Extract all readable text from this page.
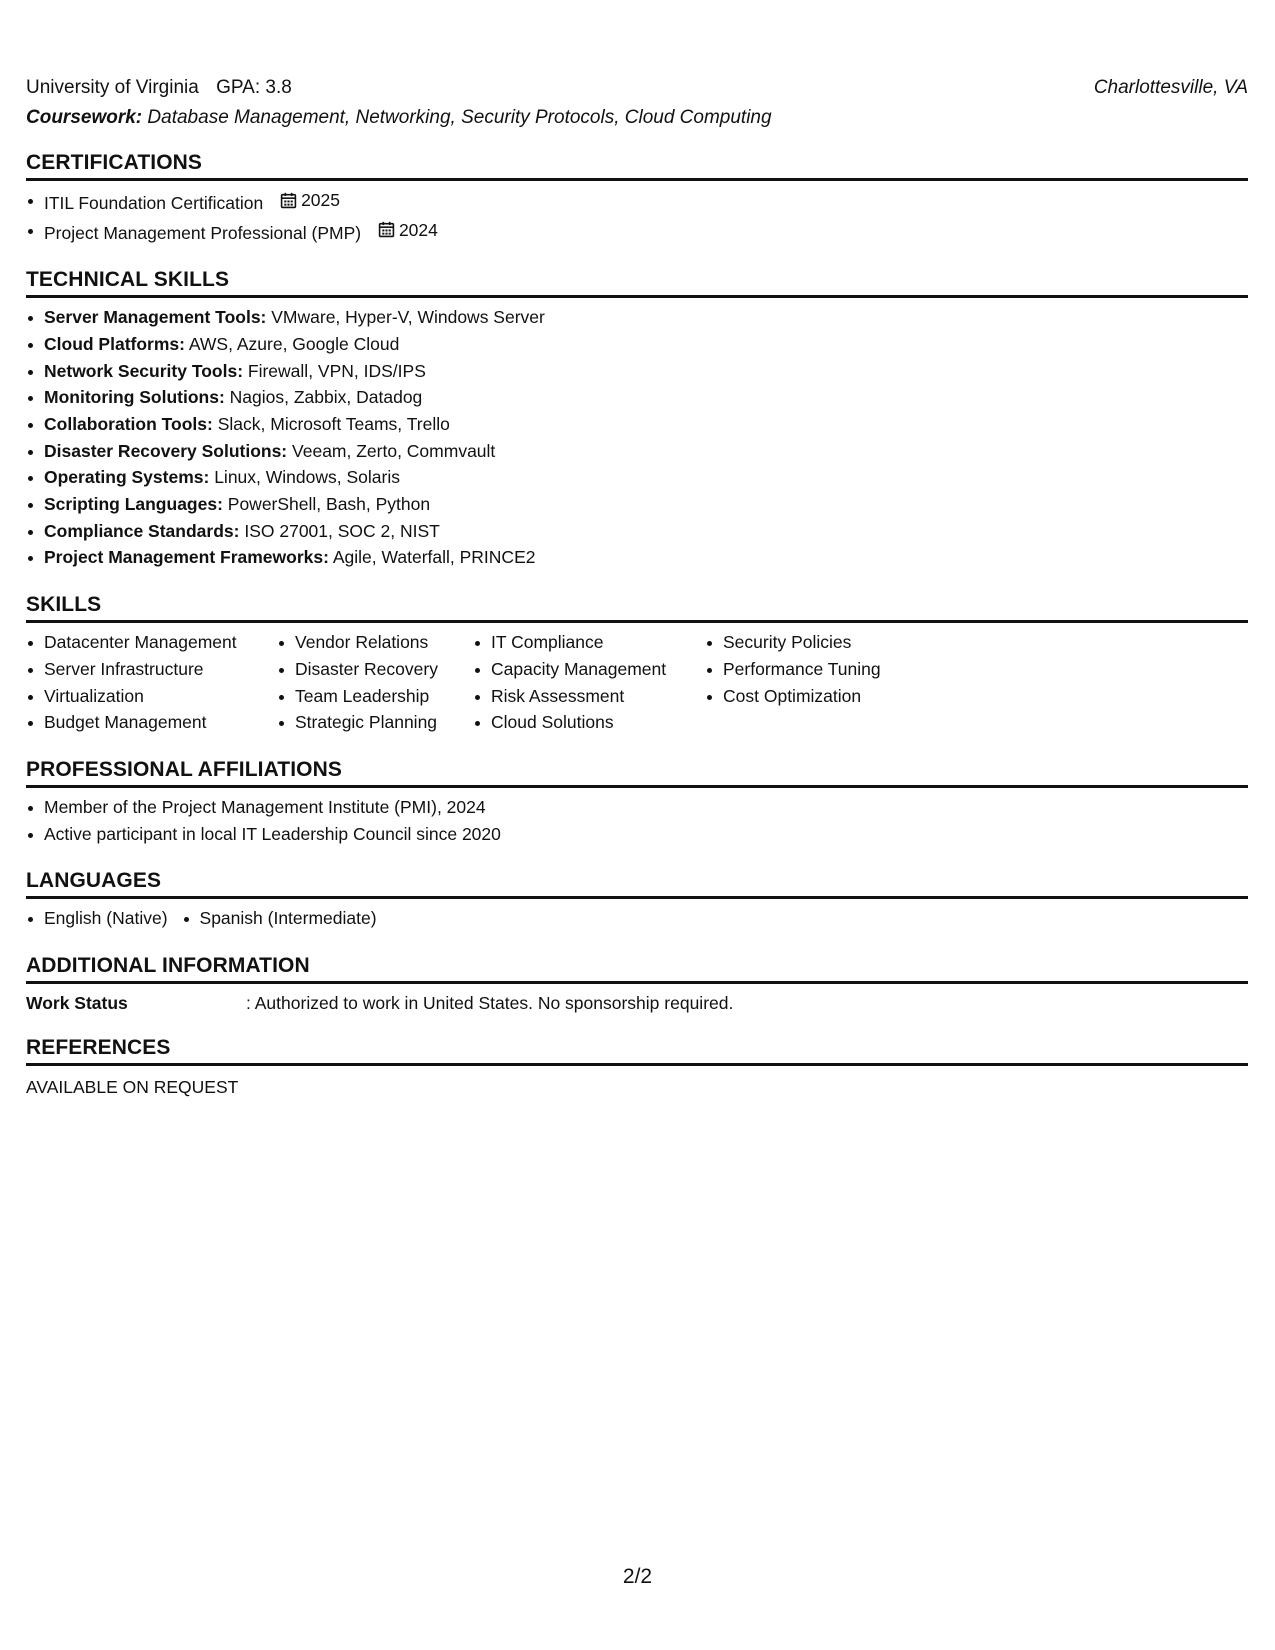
University of Virginia GPA: 3.8	Charlottesville, VA
Coursework: Database Management, Networking, Security Protocols, Cloud Computing
CERTIFICATIONS
ITIL Foundation Certification 2025
Project Management Professional (PMP) 2024
TECHNICAL SKILLS
Server Management Tools: VMware, Hyper-V, Windows Server
Cloud Platforms: AWS, Azure, Google Cloud
Network Security Tools: Firewall, VPN, IDS/IPS
Monitoring Solutions: Nagios, Zabbix, Datadog
Collaboration Tools: Slack, Microsoft Teams, Trello
Disaster Recovery Solutions: Veeam, Zerto, Commvault
Operating Systems: Linux, Windows, Solaris
Scripting Languages: PowerShell, Bash, Python
Compliance Standards: ISO 27001, SOC 2, NIST
Project Management Frameworks: Agile, Waterfall, PRINCE2
SKILLS
Datacenter Management
Server Infrastructure
Virtualization
Budget Management
Vendor Relations
Disaster Recovery
Team Leadership
Strategic Planning
IT Compliance
Capacity Management
Risk Assessment
Cloud Solutions
Security Policies
Performance Tuning
Cost Optimization
PROFESSIONAL AFFILIATIONS
Member of the Project Management Institute (PMI), 2024
Active participant in local IT Leadership Council since 2020
LANGUAGES
English (Native)	Spanish (Intermediate)
ADDITIONAL INFORMATION
Work Status	: Authorized to work in United States. No sponsorship required.
REFERENCES
AVAILABLE ON REQUEST
2/2
